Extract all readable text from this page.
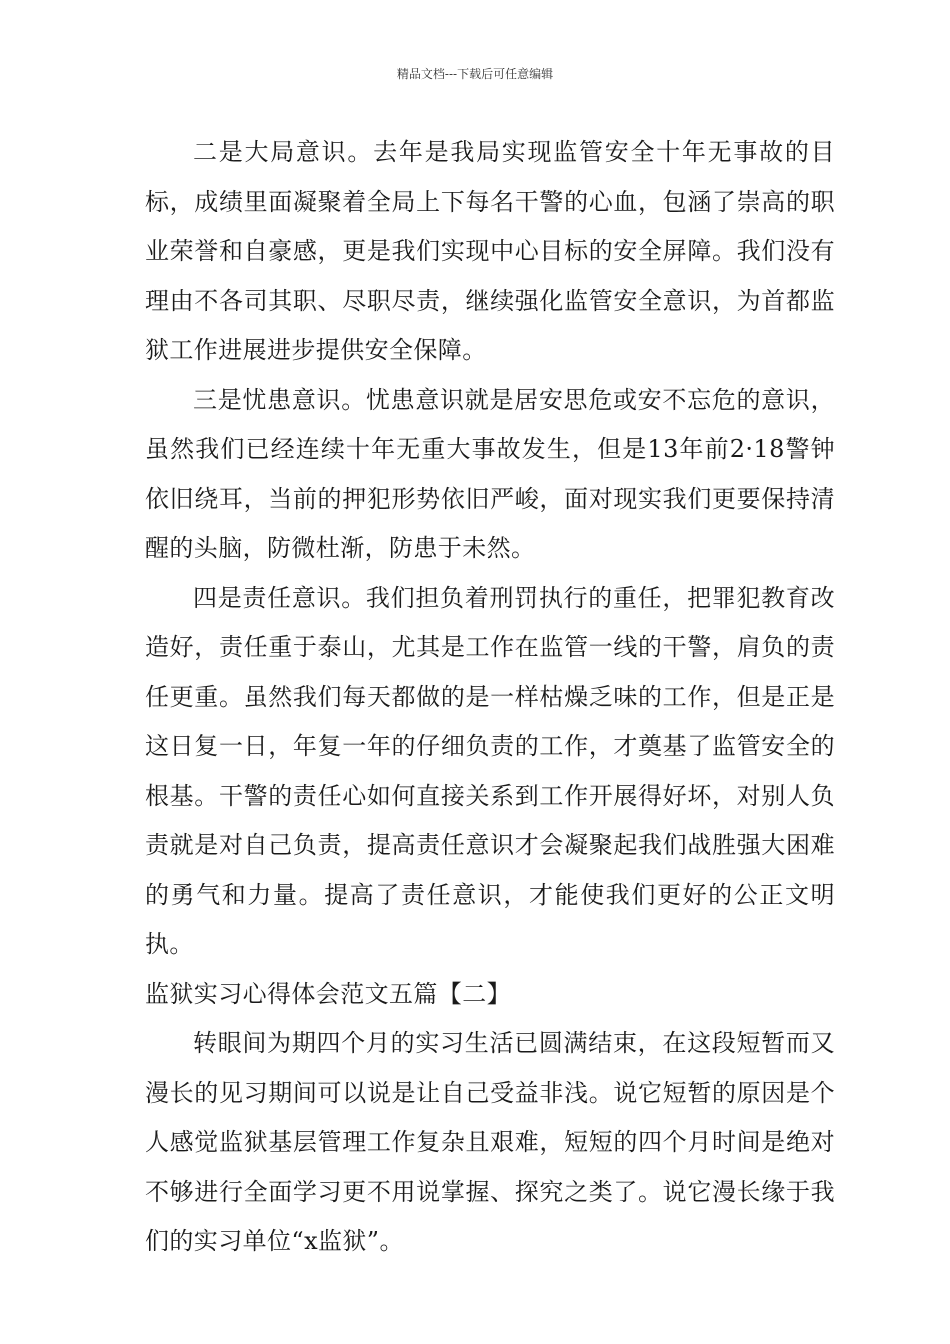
精品文档---下载后可任意编辑

二是大局意识。去年是我局实现监管安全十年无事故的目标，成绩里面凝聚着全局上下每名干警的心血，包涵了崇高的职业荣誉和自豪感，更是我们实现中心目标的安全屏障。我们没有理由不各司其职、尽职尽责，继续强化监管安全意识，为首都监狱工作进展进步提供安全保障。

三是忧患意识。忧患意识就是居安思危或安不忘危的意识，虽然我们已经连续十年无重大事故发生，但是13年前2·18警钟依旧绕耳，当前的押犯形势依旧严峻，面对现实我们更要保持清醒的头脑，防微杜渐，防患于未然。

四是责任意识。我们担负着刑罚执行的重任，把罪犯教育改造好，责任重于泰山，尤其是工作在监管一线的干警，肩负的责任更重。虽然我们每天都做的是一样枯燥乏味的工作，但是正是这日复一日，年复一年的仔细负责的工作，才奠基了监管安全的根基。干警的责任心如何直接关系到工作开展得好坏，对别人负责就是对自己负责，提高责任意识才会凝聚起我们战胜强大困难的勇气和力量。提高了责任意识，才能使我们更好的公正文明执。

监狱实习心得体会范文五篇【二】

转眼间为期四个月的实习生活已圆满结束，在这段短暂而又漫长的见习期间可以说是让自己受益非浅。说它短暂的原因是个人感觉监狱基层管理工作复杂且艰难，短短的四个月时间是绝对不够进行全面学习更不用说掌握、探究之类了。说它漫长缘于我们的实习单位“x监狱”。
